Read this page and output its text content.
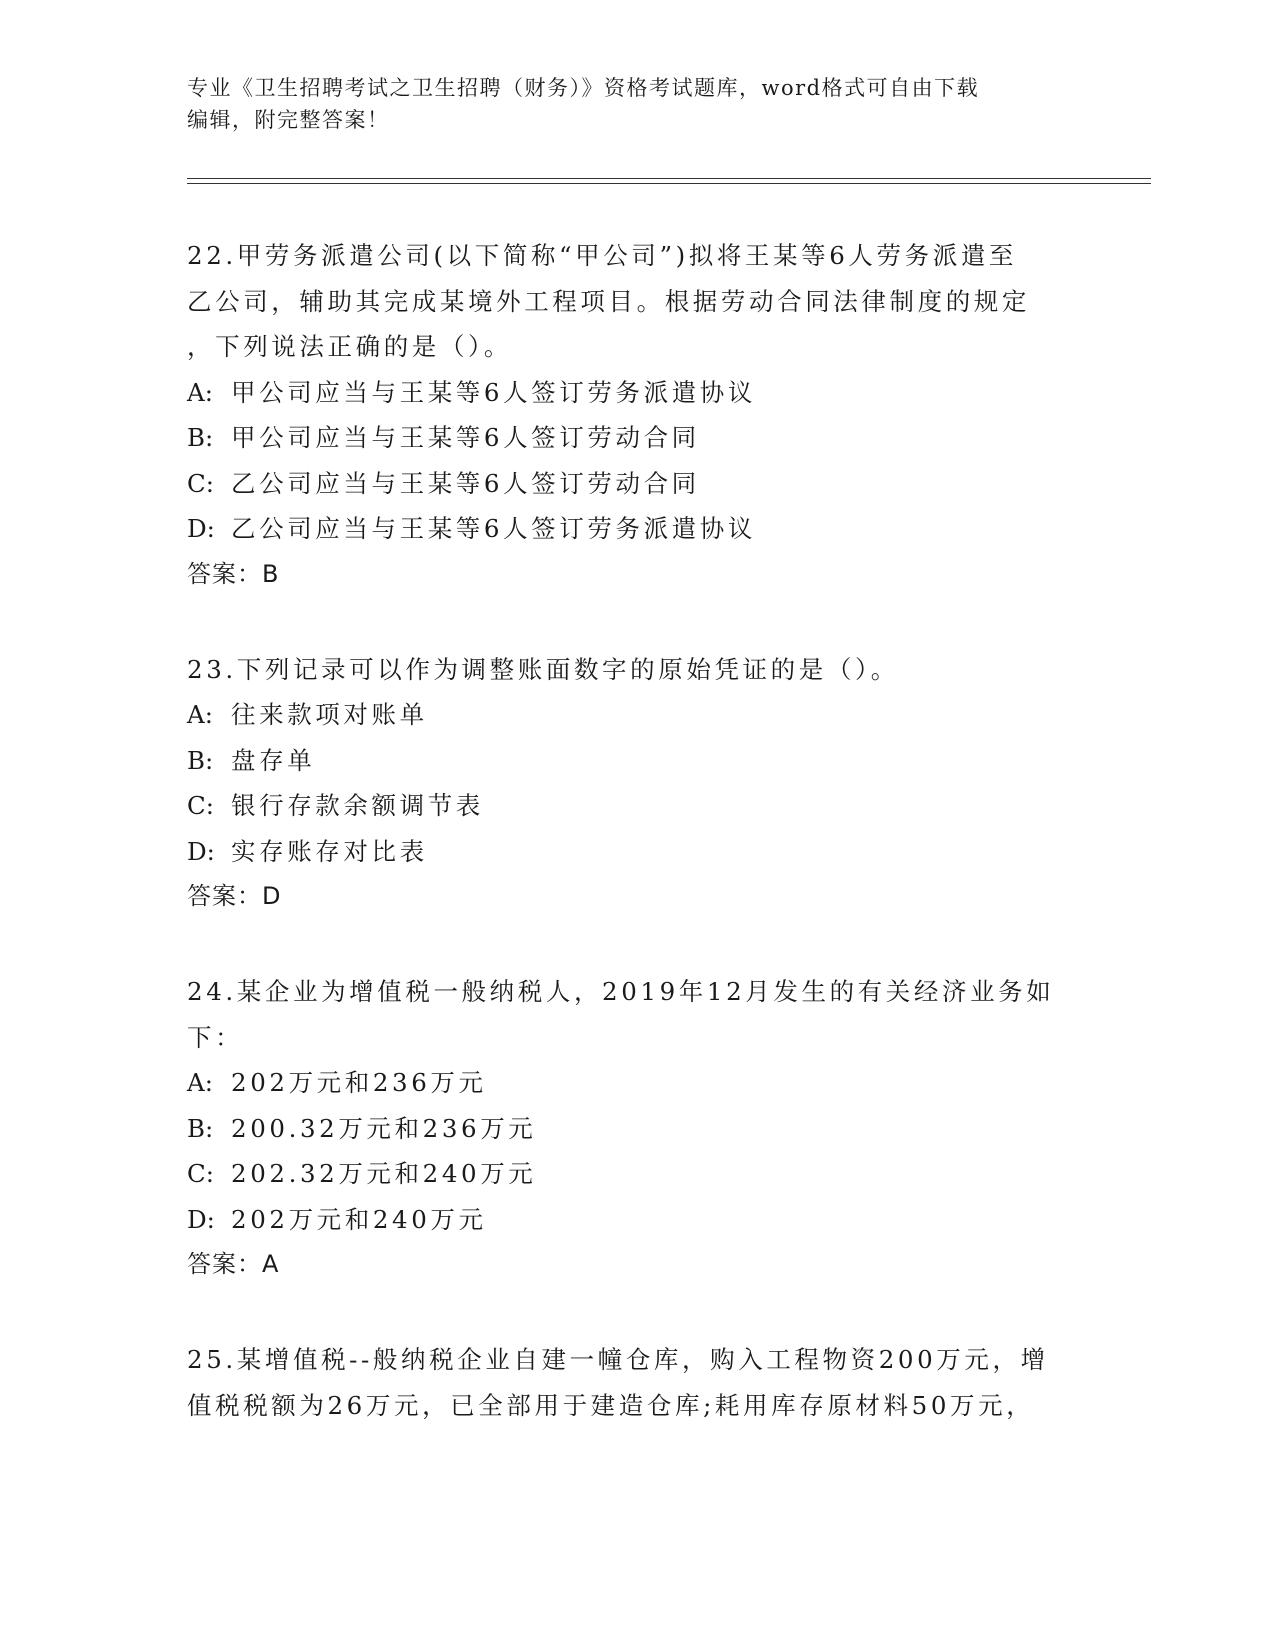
专业《卫生招聘考试之卫生招聘（财务）》资格考试题库，word格式可自由下载
编辑，附完整答案！
22.甲劳务派遣公司(以下简称“甲公司”)拟将王某等6人劳务派遣至
乙公司，辅助其完成某境外工程项目。根据劳动合同法律制度的规定
，下列说法正确的是（）。
A: 甲公司应当与王某等6人签订劳务派遣协议
B: 甲公司应当与王某等6人签订劳动合同
C: 乙公司应当与王某等6人签订劳动合同
D: 乙公司应当与王某等6人签订劳务派遣协议
答案：B
23.下列记录可以作为调整账面数字的原始凭证的是（）。
A: 往来款项对账单
B: 盘存单
C: 银行存款余额调节表
D: 实存账存对比表
答案：D
24.某企业为增值税一般纳税人，2019年12月发生的有关经济业务如
下：
A: 202万元和236万元
B: 200.32万元和236万元
C: 202.32万元和240万元
D: 202万元和240万元
答案：A
25.某增值税--般纳税企业自建一幢仓库，购入工程物资200万元，增
值税税额为26万元，已全部用于建造仓库;耗用库存原材料50万元，
